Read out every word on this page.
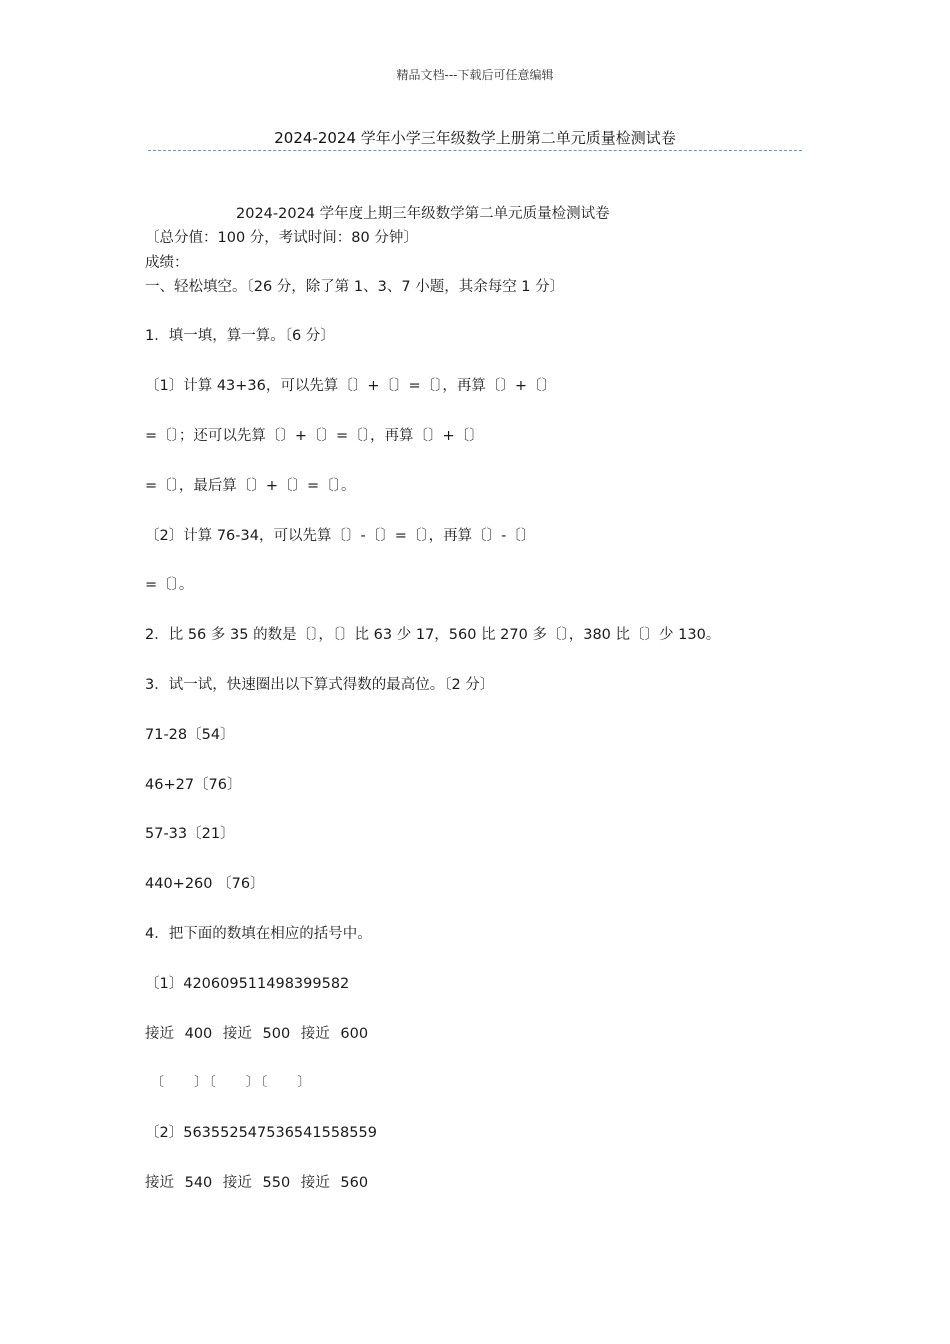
精品文档---下载后可任意编辑
2024-2024 学年小学三年级数学上册第二单元质量检测试卷
2024-2024 学年度上期三年级数学第二单元质量检测试卷
〔总分值：100 分，考试时间：80 分钟〕
成绩：
一、轻松填空。〔26 分，除了第 1、3、7 小题，其余每空 1 分〕
1．填一填，算一算。〔6 分〕
〔1〕计算 43+36，可以先算〔〕+〔〕=〔〕，再算〔〕+〔〕
=〔〕；还可以先算〔〕+〔〕=〔〕，再算〔〕+〔〕
=〔〕，最后算〔〕+〔〕=〔〕。
〔2〕计算 76-34，可以先算〔〕-〔〕=〔〕，再算〔〕-〔〕
=〔〕。
2．比 56 多 35 的数是〔〕，〔〕比 63 少 17，560 比 270 多〔〕，380 比〔〕少 130。
3．试一试，快速圈出以下算式得数的最高位。〔2 分〕
71-28〔54〕
46+27〔76〕
57-33〔21〕
440+260 〔76〕
4．把下面的数填在相应的括号中。
〔1〕420609511498399582
接近 400 接近 500 接近 600
〔 〕〔 〕〔 〕
〔2〕563552547536541558559
接近 540 接近 550 接近 560
